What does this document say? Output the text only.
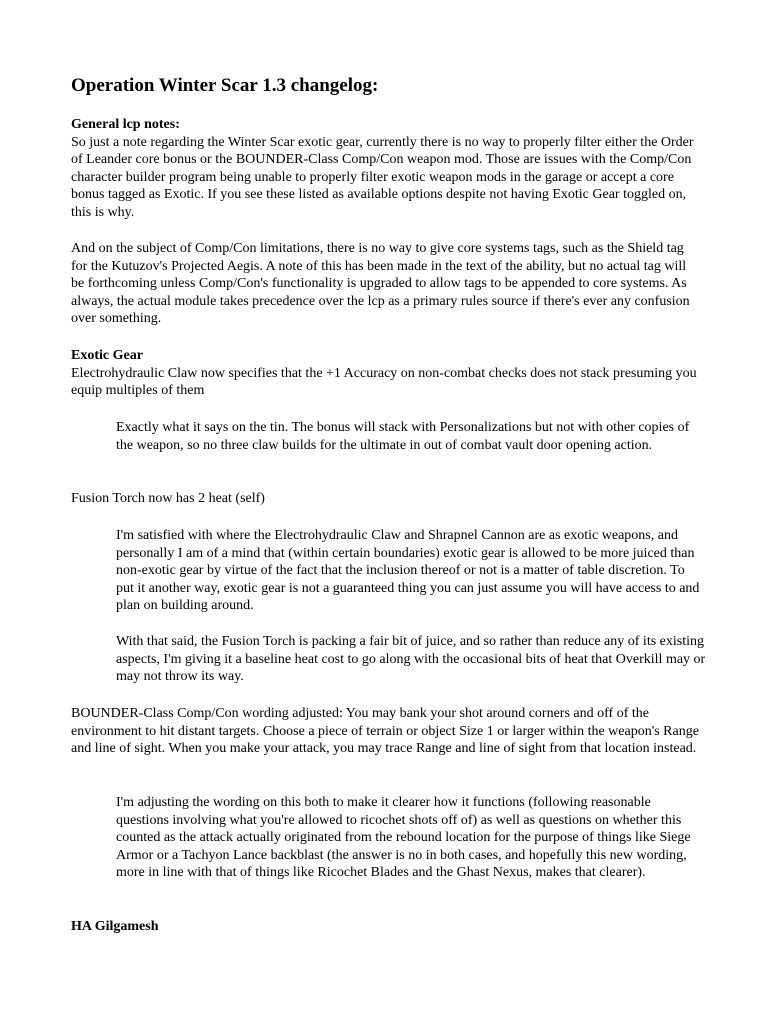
Operation Winter Scar 1.3 changelog:
General lcp notes:

So just a note regarding the Winter Scar exotic gear, currently there is no way to properly filter either the Order of Leander core bonus or the BOUNDER-Class Comp/Con weapon mod. Those are issues with the Comp/Con character builder program being unable to properly filter exotic weapon mods in the garage or accept a core bonus tagged as Exotic. If you see these listed as available options despite not having Exotic Gear toggled on, this is why.

And on the subject of Comp/Con limitations, there is no way to give core systems tags, such as the Shield tag for the Kutuzov's Projected Aegis. A note of this has been made in the text of the ability, but no actual tag will be forthcoming unless Comp/Con's functionality is upgraded to allow tags to be appended to core systems. As always, the actual module takes precedence over the lcp as a primary rules source if there's ever any confusion over something.

Exotic Gear

Electrohydraulic Claw now specifies that the +1 Accuracy on non-combat checks does not stack presuming you equip multiples of them

Exactly what it says on the tin. The bonus will stack with Personalizations but not with other copies of the weapon, so no three claw builds for the ultimate in out of combat vault door opening action.

Fusion Torch now has 2 heat (self)

I'm satisfied with where the Electrohydraulic Claw and Shrapnel Cannon are as exotic weapons, and personally I am of a mind that (within certain boundaries) exotic gear is allowed to be more juiced than non-exotic gear by virtue of the fact that the inclusion thereof or not is a matter of table discretion. To put it another way, exotic gear is not a guaranteed thing you can just assume you will have access to and plan on building around.

With that said, the Fusion Torch is packing a fair bit of juice, and so rather than reduce any of its existing aspects, I'm giving it a baseline heat cost to go along with the occasional bits of heat that Overkill may or may not throw its way.

BOUNDER-Class Comp/Con wording adjusted: You may bank your shot around corners and off of the environment to hit distant targets. Choose a piece of terrain or object Size 1 or larger within the weapon's Range and line of sight. When you make your attack, you may trace Range and line of sight from that location instead.

I'm adjusting the wording on this both to make it clearer how it functions (following reasonable questions involving what you're allowed to ricochet shots off of) as well as questions on whether this counted as the attack actually originated from the rebound location for the purpose of things like Siege Armor or a Tachyon Lance backblast (the answer is no in both cases, and hopefully this new wording, more in line with that of things like Ricochet Blades and the Ghast Nexus, makes that clearer).

HA Gilgamesh
